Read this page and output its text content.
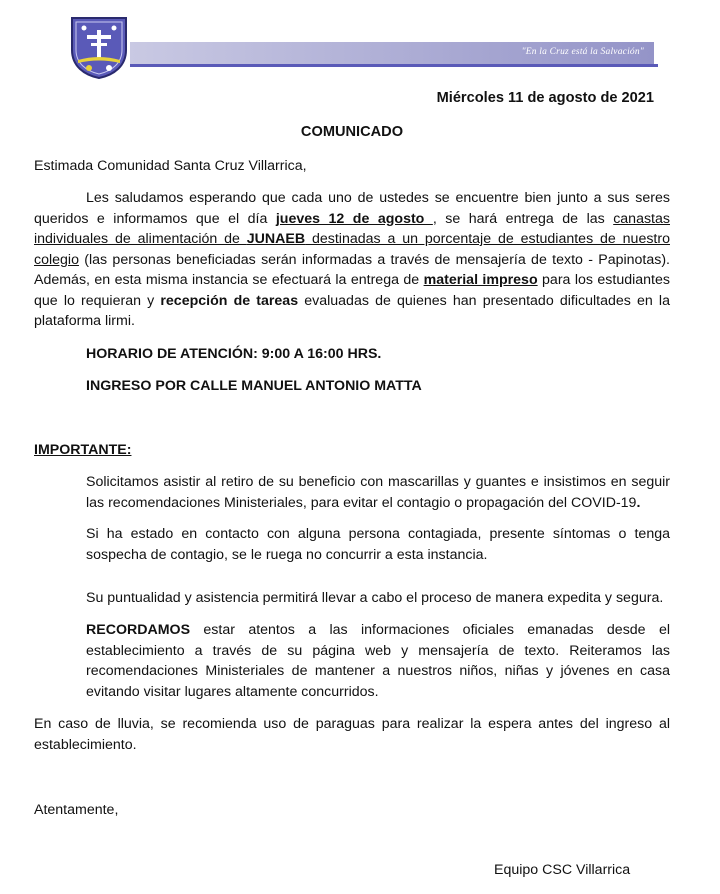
"En la Cruz está la Salvación"
Miércoles 11 de agosto de 2021
COMUNICADO

Estimada Comunidad Santa Cruz Villarrica,

Les saludamos esperando que cada uno de ustedes se encuentre bien junto a sus seres queridos e informamos que el día jueves 12 de agosto , se hará entrega de las canastas individuales de alimentación de JUNAEB destinadas a un porcentaje de estudiantes de nuestro colegio (las personas beneficiadas serán informadas a través de mensajería de texto - Papinotas). Además, en esta misma instancia se efectuará la entrega de material impreso para los estudiantes que lo requieran y recepción de tareas evaluadas de quienes han presentado dificultades en la plataforma lirmi.

HORARIO DE ATENCIÓN: 9:00 A 16:00 HRS.

INGRESO POR CALLE MANUEL ANTONIO MATTA

IMPORTANTE:

Solicitamos asistir al retiro de su beneficio con mascarillas y guantes e insistimos en seguir las recomendaciones Ministeriales, para evitar el contagio o propagación del COVID-19.

Si ha estado en contacto con alguna persona contagiada, presente síntomas o tenga sospecha de contagio, se le ruega no concurrir a esta instancia.

Su puntualidad y asistencia permitirá llevar a cabo el proceso de manera expedita y segura.

RECORDAMOS estar atentos a las informaciones oficiales emanadas desde el establecimiento a través de su página web y mensajería de texto. Reiteramos las recomendaciones Ministeriales de mantener a nuestros niños, niñas y jóvenes en casa evitando visitar lugares altamente concurridos.

En caso de lluvia, se recomienda uso de paraguas para realizar la espera antes del ingreso al establecimiento.

Atentamente,

Equipo CSC Villarrica
